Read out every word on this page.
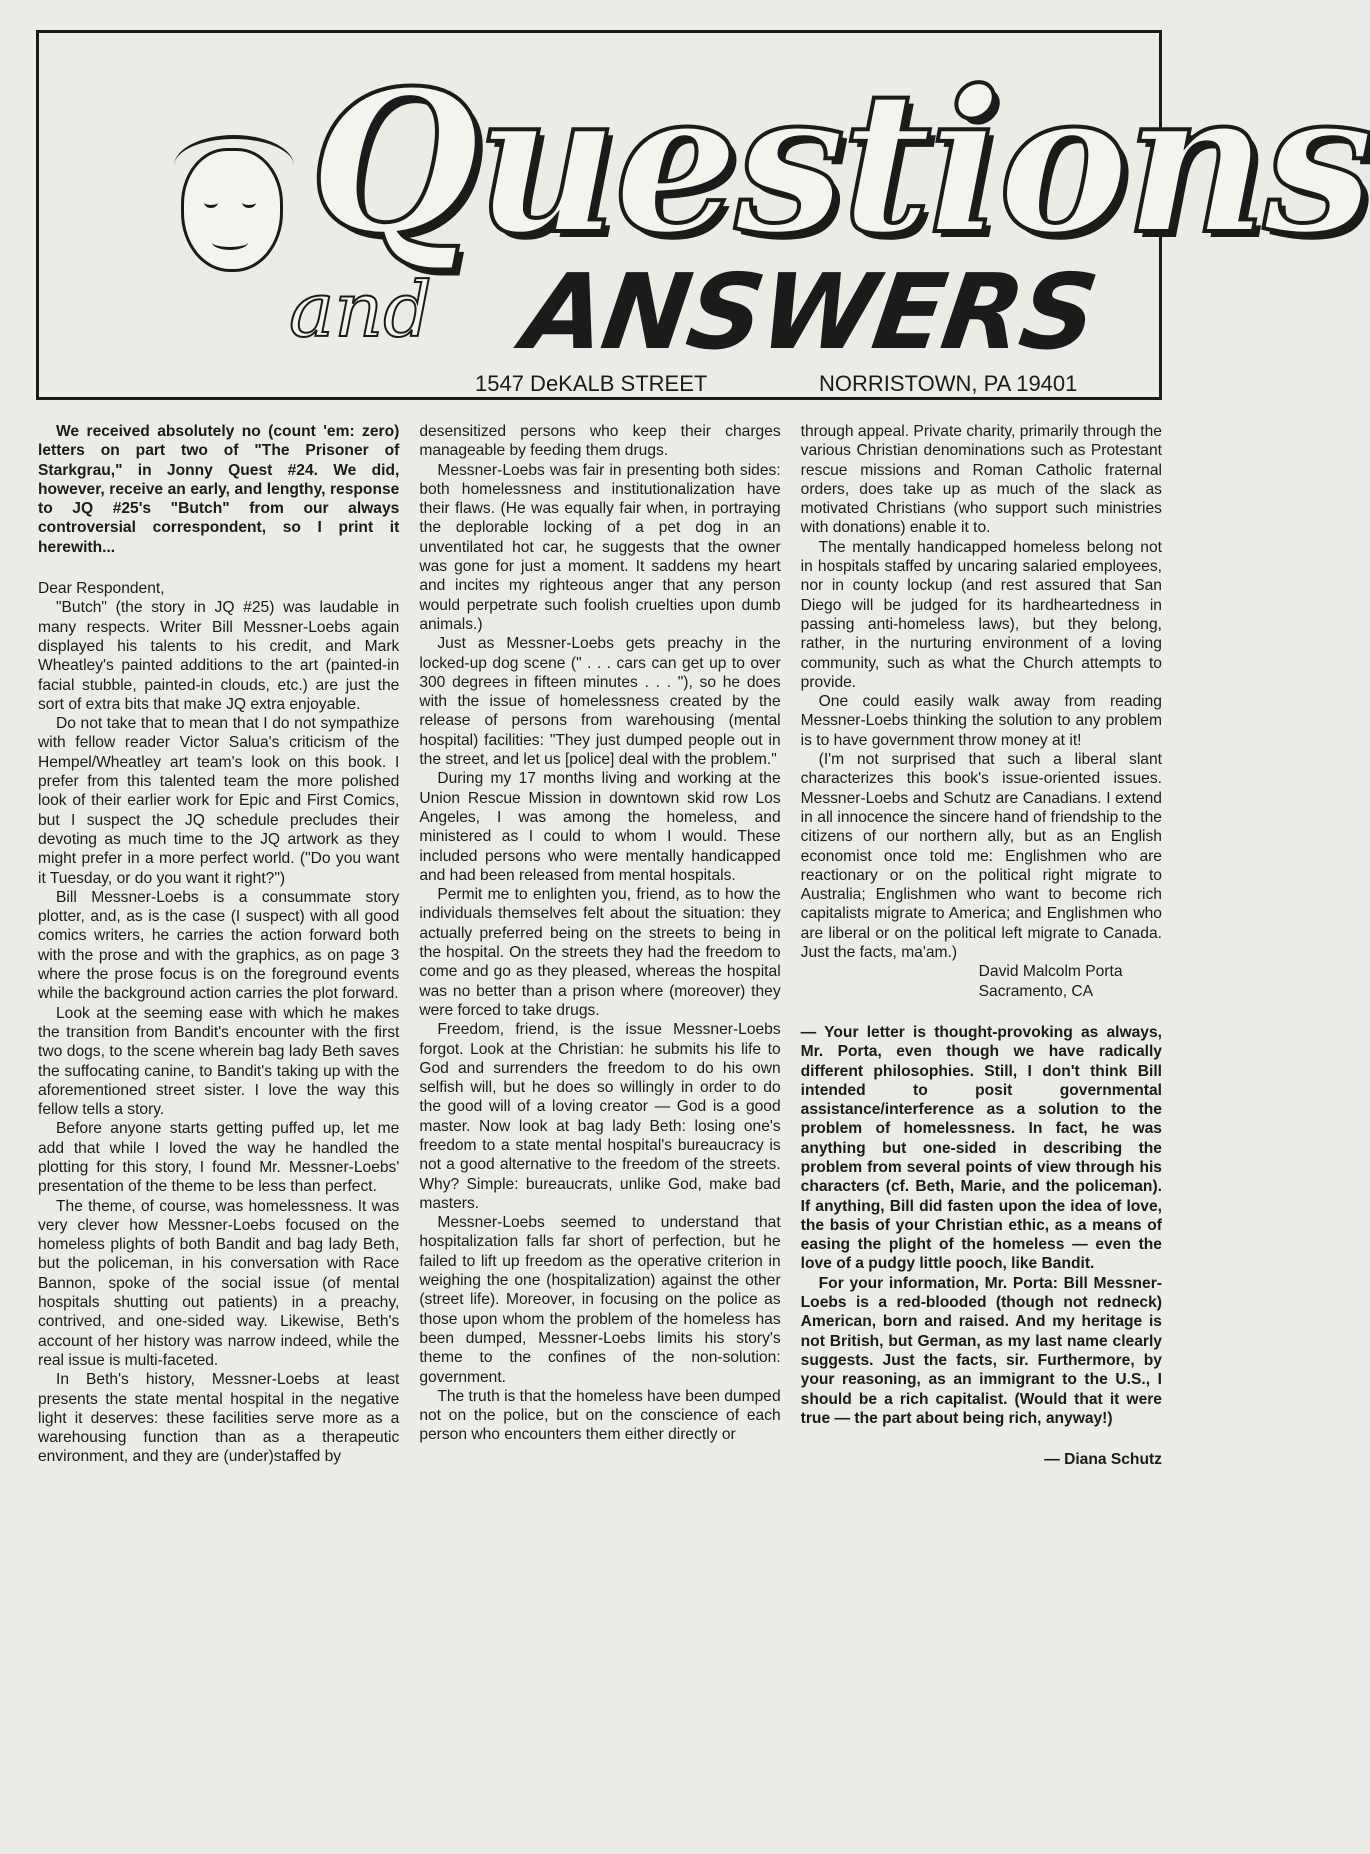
Questions
and ANSWERS
1547 DeKALB STREET	NORRISTOWN, PA 19401

We received absolutely no (count 'em: zero) letters on part two of "The Prisoner of Starkgrau," in Jonny Quest #24. We did, however, receive an early, and lengthy, response to JQ #25's "Butch" from our always controversial correspondent, so I print it herewith...

Dear Respondent,

"Butch" (the story in JQ #25) was laudable in many respects. Writer Bill Messner-Loebs again displayed his talents to his credit, and Mark Wheatley's painted additions to the art (painted-in facial stubble, painted-in clouds, etc.) are just the sort of extra bits that make JQ extra enjoyable.

Do not take that to mean that I do not sympathize with fellow reader Victor Salua's criticism of the Hempel/Wheatley art team's look on this book. I prefer from this talented team the more polished look of their earlier work for Epic and First Comics, but I suspect the JQ schedule precludes their devoting as much time to the JQ artwork as they might prefer in a more perfect world. ("Do you want it Tuesday, or do you want it right?")

Bill Messner-Loebs is a consummate story plotter, and, as is the case (I suspect) with all good comics writers, he carries the action forward both with the prose and with the graphics, as on page 3 where the prose focus is on the foreground events while the background action carries the plot forward.

Look at the seeming ease with which he makes the transition from Bandit's encounter with the first two dogs, to the scene wherein bag lady Beth saves the suffocating canine, to Bandit's taking up with the aforementioned street sister. I love the way this fellow tells a story.

Before anyone starts getting puffed up, let me add that while I loved the way he handled the plotting for this story, I found Mr. Messner-Loebs' presentation of the theme to be less than perfect.

The theme, of course, was homelessness. It was very clever how Messner-Loebs focused on the homeless plights of both Bandit and bag lady Beth, but the policeman, in his conversation with Race Bannon, spoke of the social issue (of mental hospitals shutting out patients) in a preachy, contrived, and one-sided way. Likewise, Beth's account of her history was narrow indeed, while the real issue is multi-faceted.

In Beth's history, Messner-Loebs at least presents the state mental hospital in the negative light it deserves: these facilities serve more as a warehousing function than as a therapeutic environment, and they are (under)staffed by

desensitized persons who keep their charges manageable by feeding them drugs.

Messner-Loebs was fair in presenting both sides: both homelessness and institutionalization have their flaws. (He was equally fair when, in portraying the deplorable locking of a pet dog in an unventilated hot car, he suggests that the owner was gone for just a moment. It saddens my heart and incites my righteous anger that any person would perpetrate such foolish cruelties upon dumb animals.)

Just as Messner-Loebs gets preachy in the locked-up dog scene (" . . . cars can get up to over 300 degrees in fifteen minutes . . . "), so he does with the issue of homelessness created by the release of persons from warehousing (mental hospital) facilities: "They just dumped people out in the street, and let us [police] deal with the problem."

During my 17 months living and working at the Union Rescue Mission in downtown skid row Los Angeles, I was among the homeless, and ministered as I could to whom I would. These included persons who were mentally handicapped and had been released from mental hospitals.

Permit me to enlighten you, friend, as to how the individuals themselves felt about the situation: they actually preferred being on the streets to being in the hospital. On the streets they had the freedom to come and go as they pleased, whereas the hospital was no better than a prison where (moreover) they were forced to take drugs.

Freedom, friend, is the issue Messner-Loebs forgot. Look at the Christian: he submits his life to God and surrenders the freedom to do his own selfish will, but he does so willingly in order to do the good will of a loving creator — God is a good master. Now look at bag lady Beth: losing one's freedom to a state mental hospital's bureaucracy is not a good alternative to the freedom of the streets. Why? Simple: bureaucrats, unlike God, make bad masters.

Messner-Loebs seemed to understand that hospitalization falls far short of perfection, but he failed to lift up freedom as the operative criterion in weighing the one (hospitalization) against the other (street life). Moreover, in focusing on the police as those upon whom the problem of the homeless has been dumped, Messner-Loebs limits his story's theme to the confines of the non-solution: government.

The truth is that the homeless have been dumped not on the police, but on the conscience of each person who encounters them either directly or

through appeal. Private charity, primarily through the various Christian denominations such as Protestant rescue missions and Roman Catholic fraternal orders, does take up as much of the slack as motivated Christians (who support such ministries with donations) enable it to.

The mentally handicapped homeless belong not in hospitals staffed by uncaring salaried employees, nor in county lockup (and rest assured that San Diego will be judged for its hardheartedness in passing anti-homeless laws), but they belong, rather, in the nurturing environment of a loving community, such as what the Church attempts to provide.

One could easily walk away from reading Messner-Loebs thinking the solution to any problem is to have government throw money at it!

(I'm not surprised that such a liberal slant characterizes this book's issue-oriented issues. Messner-Loebs and Schutz are Canadians. I extend in all innocence the sincere hand of friendship to the citizens of our northern ally, but as an English economist once told me: Englishmen who are reactionary or on the political right migrate to Australia; Englishmen who want to become rich capitalists migrate to America; and Englishmen who are liberal or on the political left migrate to Canada. Just the facts, ma'am.)

David Malcolm Porta

Sacramento, CA

— Your letter is thought-provoking as always, Mr. Porta, even though we have radically different philosophies. Still, I don't think Bill intended to posit governmental assistance/interference as a solution to the problem of homelessness. In fact, he was anything but one-sided in describing the problem from several points of view through his characters (cf. Beth, Marie, and the policeman). If anything, Bill did fasten upon the idea of love, the basis of your Christian ethic, as a means of easing the plight of the homeless — even the love of a pudgy little pooch, like Bandit.

For your information, Mr. Porta: Bill Messner-Loebs is a red-blooded (though not redneck) American, born and raised. And my heritage is not British, but German, as my last name clearly suggests. Just the facts, sir. Furthermore, by your reasoning, as an immigrant to the U.S., I should be a rich capitalist. (Would that it were true — the part about being rich, anyway!)

— Diana Schutz
